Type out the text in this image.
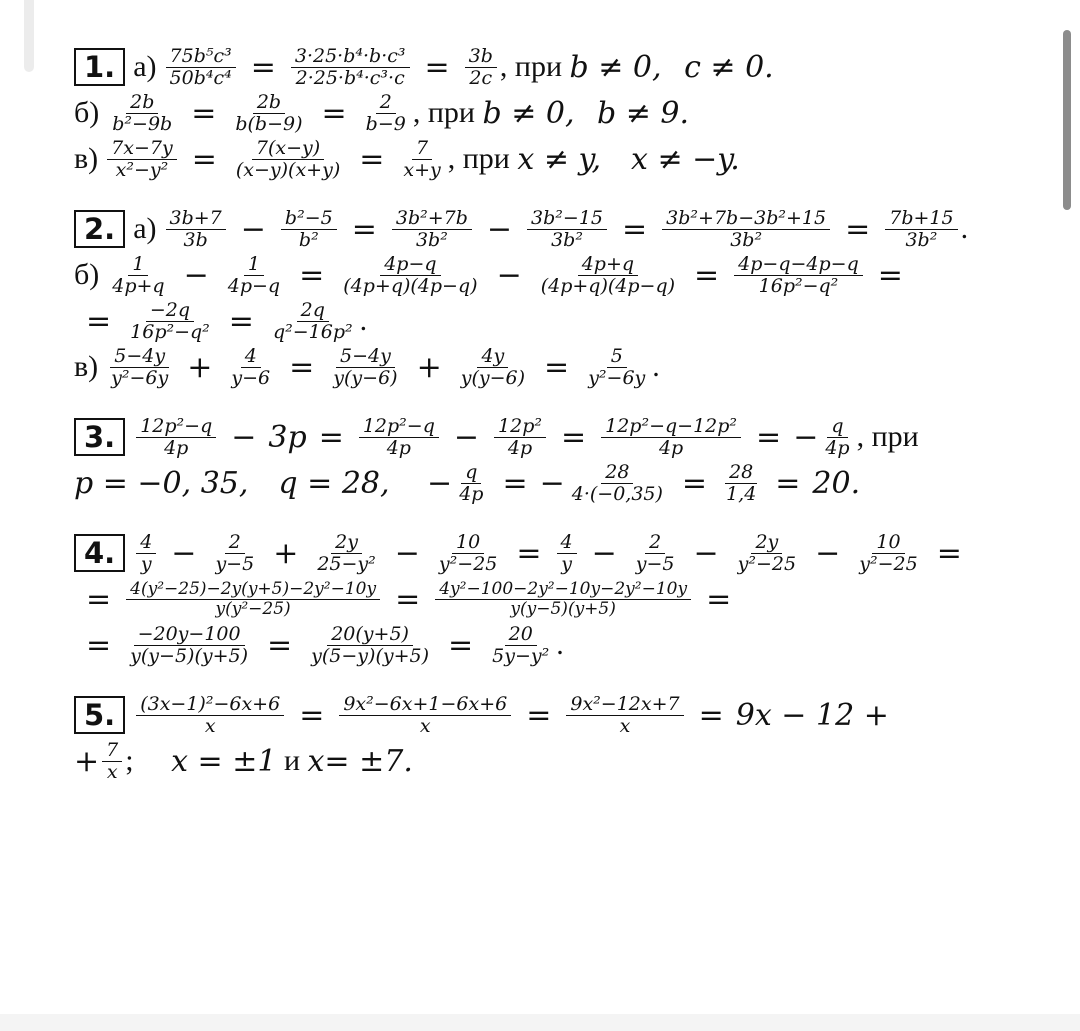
1. $а) \frac{\text{75b⁵c³}}{\text{50b⁴c⁴}} = \frac{\text{3·25·b⁴·b·c³}}{\text{2·25·b⁴·c³·c}} = \frac{3b}{2c}$ , при b ≠ 0,
c ≠ 0.
$б) \frac{2b}{\text{b²−9b}} = \frac{2b}{b(b-9)} = \frac{2}{b-9}$ , при b ≠ 0,
b ≠ 9.
$в) \frac{7x-7y}{\text{x²−y²}} = \frac{7(x-y)}{(x-y)(x+y)} = \frac{7}{x+y}$ , при x ≠ y,
x ≠ −y.
2. $а) \frac{3b+7}{3b} - \frac{\text{b²−5}}{\text{b²}} = \frac{\text{3b²+7b}}{\text{3b²}} - \frac{\text{3b²−15}}{\text{3b²}} = \frac{\text{3b²+7b−3b²+15}}{\text{3b²}} = \frac{7b+15}{\text{3b²}}$ .
$б) \frac{1}{4p+q} - \frac{1}{4p-q} = \frac{4p-q}{(4p+q)(4p-q)} - \frac{4p+q}{(4p+q)(4p-q)} = \frac{4p-q-4p-q}{\text{16p²−q²}}$ =
= $\frac{-2q}{\text{16p²−q²}} = \frac{2q}{\text{q²−16p²}}$ .
$в) \frac{5-4y}{\text{y²−6y}} + \frac{4}{y-6} = \frac{5-4y}{y(y-6)} + \frac{4y}{y(y-6)} = \frac{5}{\text{y²−6y}}$ .
3.	$\frac{\text{12p²−q}}{4p} - 3p = \frac{\text{12p²−q}}{4p} - \frac{\text{12p²}}{4p} = \frac{\text{12p²−q−12p²}}{4p}$ = − $\frac{q}{4p}$ , при
p = −0, 35,
q = 28,
− $\frac{q}{4p}$ = − $\frac{28}{4\cdot(-0,35)} = \frac{28}{1,4} = 20$.
4.	$\frac{4}{y} - \frac{2}{y-5} + \frac{2y}{\text{25−y²}} - \frac{10}{\text{y²−25}} = \frac{4}{y} - \frac{2}{y-5} - \frac{2y}{\text{y²−25}} - \frac{10}{\text{y²−25}}$ =
= $\frac{\text{4(y²−25)−2y(y+5)−2y²−10y}}{\text{y(y²−25)}} = \frac{\text{4y²−100−2y²−10y−2y²−10y}}{y(y-5)(y+5)}$ =
= $\frac{-20y-100}{y(y-5)(y+5)} = \frac{20(y+5)}{y(5-y)(y+5)} = \frac{20}{\text{5y−y²}}$ .
5.	$\frac{\text{(3x−1)²−6x+6}}{x} = \frac{\text{9x²−6x+1−6x+6}}{x} = \frac{\text{9x²−12x+7}}{x} = 9x - 12$ +
+ $\frac{7}{x}$ ; x = ±1 и x= ±7.
